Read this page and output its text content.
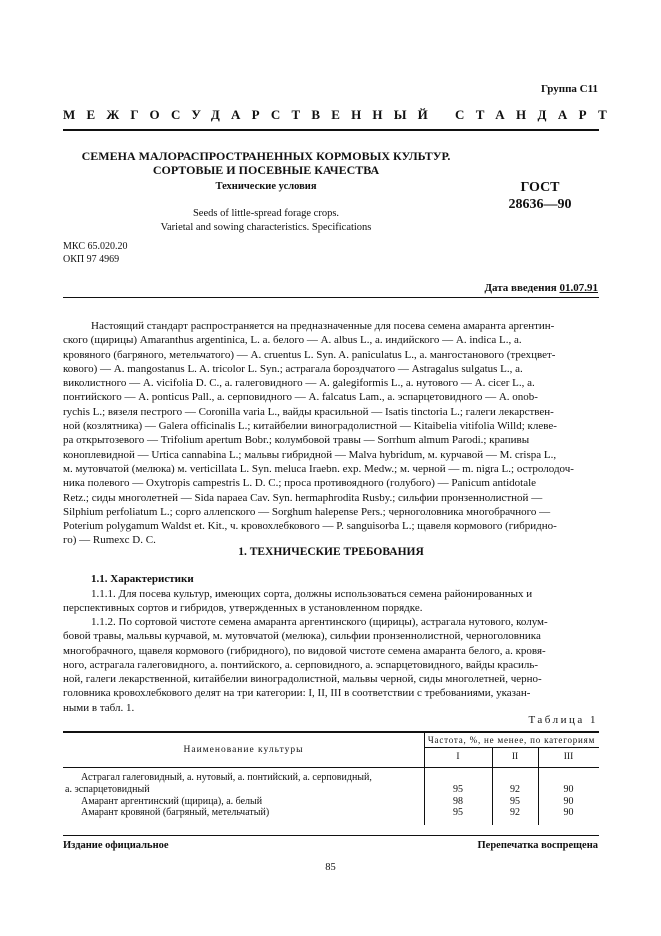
Группа С11
МЕЖГОСУДАРСТВЕННЫЙ СТАНДАРТ
СЕМЕНА МАЛОРАСПРОСТРАНЕННЫХ КОРМОВЫХ КУЛЬТУР.
СОРТОВЫЕ И ПОСЕВНЫЕ КАЧЕСТВА
Технические условия
Seeds of little-spread forage crops.
Varietal and sowing characteristics. Specifications
ГОСТ
28636—90
МКС 65.020.20
ОКП 97 4969
Дата введения 01.07.91
Настоящий стандарт распространяется на предназначенные для посева семена амаранта аргентин-
ского (щирицы) Amaranthus argentinica, L. а. белого — A. albus L., а. индийского — A. indica L., а.
кровяного (багряного, метельчатого) — A. cruentus L. Syn. A. paniculatus L., а. мангостанового (трехцвет-
кового) — A. mangostanus L. A. tricolor L. Syn.; астрагала бороздчатого — Astragalus sulgatus L., а.
виколистного — A. vicifolia D. C., а. галеговидного — A. galegiformis L., а. нутового — A. cicer L., а.
понтийского — A. ponticus Pall., а. серповидного — A. falcatus Lam., а. эспарцетовидного — A. onob-
rychis L.; вязеля пестрого — Coronilla varia L., вайды красильной — Isatis tinctoria L.; галеги лекарствен-
ной (козлятника) — Galera officinalis L.; китайбелии виноградолистной — Kitaibelia vitifolia Willd; клеве-
ра открытозевого — Trifolium apertum Bobr.; колумбовой травы — Sorrhum almum Parodi.; крапивы
коноплевидной — Urtica cannabina L.; мальвы гибридной — Malva hybridum, м. курчавой — M. crispa L.,
м. мутовчатой (мелюка) м. verticillata L. Syn. meluca Iraebn. exp. Medw.; м. черной — m. nigra L.; остролодоч-
ника полевого — Oxytropis campestris L. D. C.; проса противоядного (голубого) — Panicum antidotale
Retz.; сиды многолетней — Sida napaea Cav. Syn. hermaphrodita Rusby.; сильфии пронзеннолистной —
Silphium perfoliatum L.; сорго аллепского — Sorghum halepense Pers.; черноголовника многобрачного —
Poterium polygamum Waldst et. Kit., ч. кровохлебкового — P. sanguisorba L.; щавеля кормового (гибридно-
го) — Rumexc D. C.
1. ТЕХНИЧЕСКИЕ ТРЕБОВАНИЯ
1.1. Характеристики
1.1.1. Для посева культур, имеющих сорта, должны использоваться семена районированных и
перспективных сортов и гибридов, утвержденных в установленном порядке.
1.1.2. По сортовой чистоте семена амаранта аргентинского (щирицы), астрагала нутового, колум-
бовой травы, мальвы курчавой, м. мутовчатой (мелюка), сильфии пронзеннолистной, черноголовника
многобрачного, щавеля кормового (гибридного), по видовой чистоте семена амаранта белого, а. кровя-
ного, астрагала галеговидного, а. понтийского, а. серповидного, а. эспарцетовидного, вайды красиль-
ной, галеги лекарственной, китайбелии виноградолистной, мальвы черной, сиды многолетней, черно-
головника кровохлебкового делят на три категории: I, II, III в соответствии с требованиями, указан-
ными в табл. 1.
Таблица 1
Наименование культуры
Частота, %, не менее, по категориям
I	II	III
Астрагал галеговидный, а. нутовый, а. понтийский, а. серповидный,
а. эспарцетовидный	95	92	90
Амарант аргентинский (щирица), а. белый	98	95	90
Амарант кровяной (багряный, метельчатый)	95	92	90
Издание официальное	Перепечатка воспрещена
85
